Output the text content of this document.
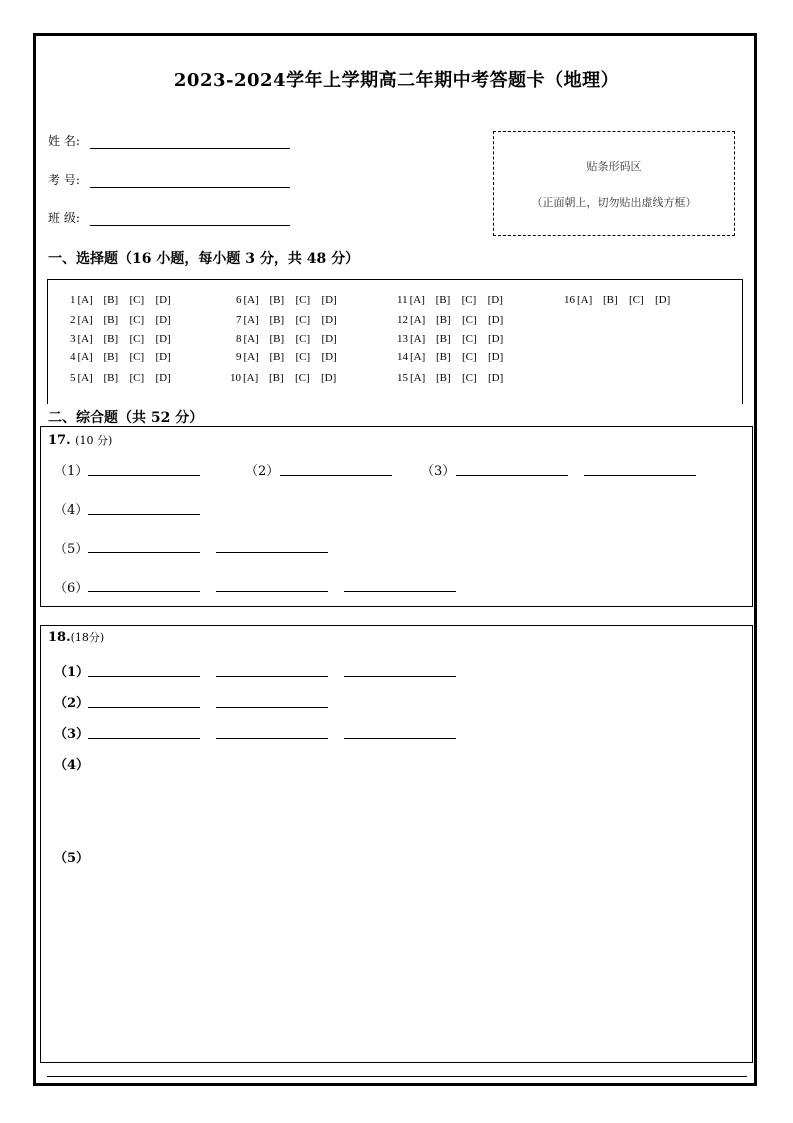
2023-2024学年上学期高二年期中考答题卡（地理）
姓 名:
考 号:
班 级:
贴条形码区
（正面朝上，切勿贴出虚线方框）
一、选择题（16 小题，每小题 3 分，共 48 分）
1 [A] [B] [C] [D]
2 [A] [B] [C] [D]
3 [A] [B] [C] [D]
4 [A] [B] [C] [D]
5 [A] [B] [C] [D]
6 [A] [B] [C] [D]
7 [A] [B] [C] [D]
8 [A] [B] [C] [D]
9 [A] [B] [C] [D]
10 [A] [B] [C] [D]
11 [A] [B] [C] [D]
12 [A] [B] [C] [D]
13 [A] [B] [C] [D]
14 [A] [B] [C] [D]
15 [A] [B] [C] [D]
16 [A] [B] [C] [D]
二、综合题（共 52 分）
17. (10 分)
（1）	（2）	（3）
（4）
（5）
（6）
18.(18分)
（1）
（2）
（3）
（4）
（5）
